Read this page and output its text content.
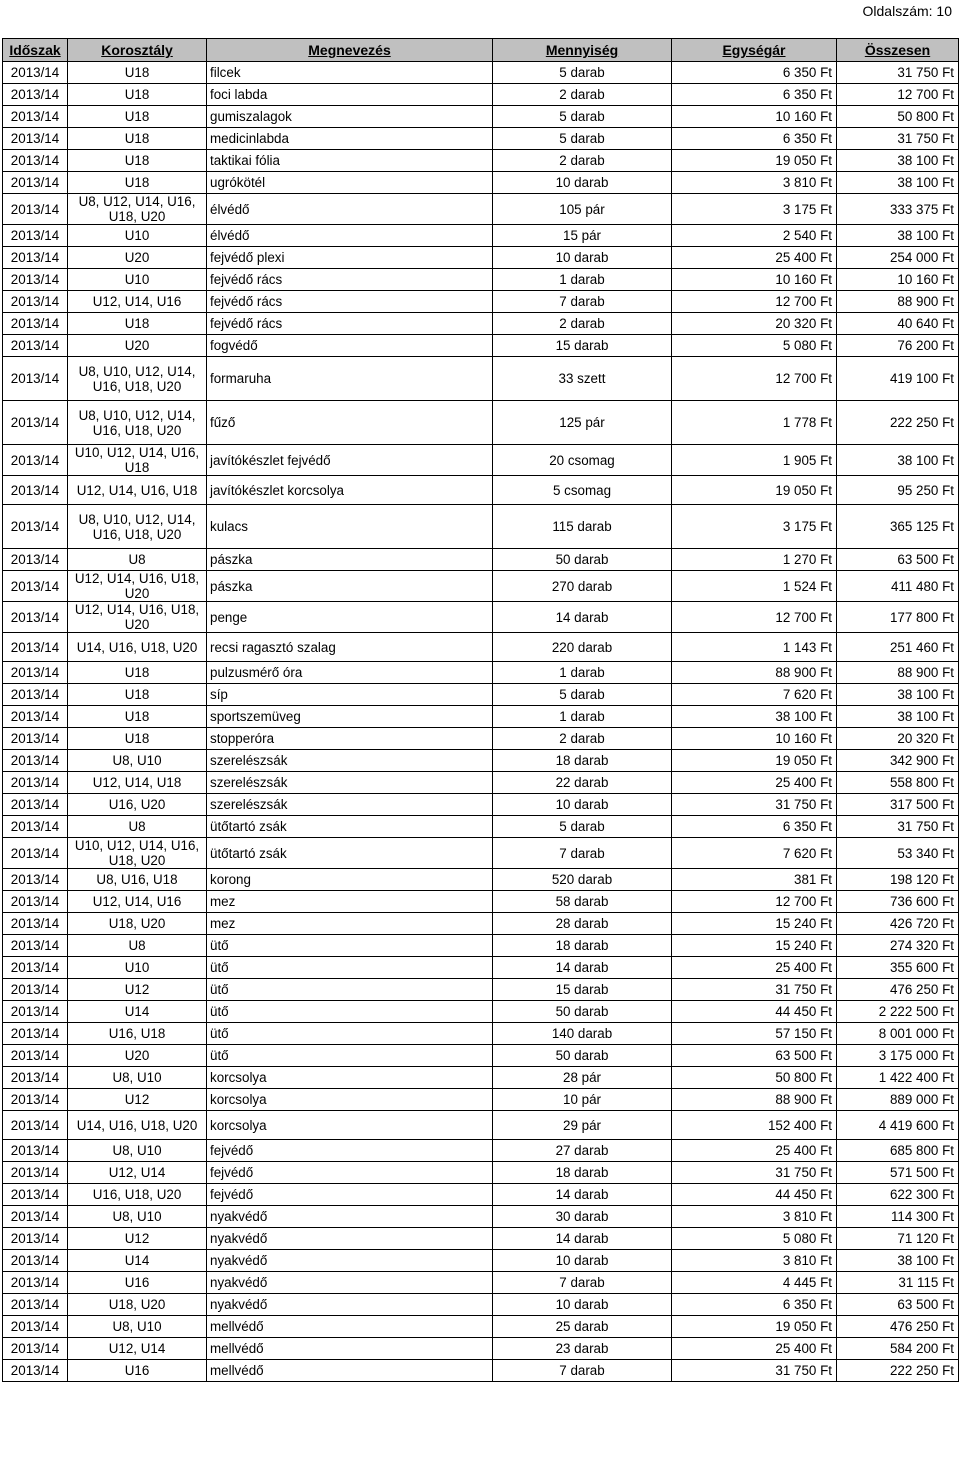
Oldalszám: 10
Időszak	Korosztály	Megnevezés	Mennyiség	Egységár	Összesen
2013/14	U18	filcek	5 darab	6 350 Ft	31 750 Ft
2013/14	U18	foci labda	2 darab	6 350 Ft	12 700 Ft
2013/14	U18	gumiszalagok	5 darab	10 160 Ft	50 800 Ft
2013/14	U18	medicinlabda	5 darab	6 350 Ft	31 750 Ft
2013/14	U18	taktikai fólia	2 darab	19 050 Ft	38 100 Ft
2013/14	U18	ugrókötél	10 darab	3 810 Ft	38 100 Ft
2013/14	U8, U12, U14, U16, U18, U20	élvédő	105 pár	3 175 Ft	333 375 Ft
2013/14	U10	élvédő	15 pár	2 540 Ft	38 100 Ft
2013/14	U20	fejvédő plexi	10 darab	25 400 Ft	254 000 Ft
2013/14	U10	fejvédő rács	1 darab	10 160 Ft	10 160 Ft
2013/14	U12, U14, U16	fejvédő rács	7 darab	12 700 Ft	88 900 Ft
2013/14	U18	fejvédő rács	2 darab	20 320 Ft	40 640 Ft
2013/14	U20	fogvédő	15 darab	5 080 Ft	76 200 Ft
2013/14	U8, U10, U12, U14, U16, U18, U20	formaruha	33 szett	12 700 Ft	419 100 Ft
2013/14	U8, U10, U12, U14, U16, U18, U20	fűző	125 pár	1 778 Ft	222 250 Ft
2013/14	U10, U12, U14, U16, U18	javítókészlet fejvédő	20 csomag	1 905 Ft	38 100 Ft
2013/14	U12, U14, U16, U18	javítókészlet korcsolya	5 csomag	19 050 Ft	95 250 Ft
2013/14	U8, U10, U12, U14, U16, U18, U20	kulacs	115 darab	3 175 Ft	365 125 Ft
2013/14	U8	pászka	50 darab	1 270 Ft	63 500 Ft
2013/14	U12, U14, U16, U18, U20	pászka	270 darab	1 524 Ft	411 480 Ft
2013/14	U12, U14, U16, U18, U20	penge	14 darab	12 700 Ft	177 800 Ft
2013/14	U14, U16, U18, U20	recsi ragasztó szalag	220 darab	1 143 Ft	251 460 Ft
2013/14	U18	pulzusmérő óra	1 darab	88 900 Ft	88 900 Ft
2013/14	U18	síp	5 darab	7 620 Ft	38 100 Ft
2013/14	U18	sportszemüveg	1 darab	38 100 Ft	38 100 Ft
2013/14	U18	stopperóra	2 darab	10 160 Ft	20 320 Ft
2013/14	U8, U10	szerelészsák	18 darab	19 050 Ft	342 900 Ft
2013/14	U12, U14, U18	szerelészsák	22 darab	25 400 Ft	558 800 Ft
2013/14	U16, U20	szerelészsák	10 darab	31 750 Ft	317 500 Ft
2013/14	U8	ütőtartó zsák	5 darab	6 350 Ft	31 750 Ft
2013/14	U10, U12, U14, U16, U18, U20	ütőtartó zsák	7 darab	7 620 Ft	53 340 Ft
2013/14	U8, U16, U18	korong	520 darab	381 Ft	198 120 Ft
2013/14	U12, U14, U16	mez	58 darab	12 700 Ft	736 600 Ft
2013/14	U18, U20	mez	28 darab	15 240 Ft	426 720 Ft
2013/14	U8	ütő	18 darab	15 240 Ft	274 320 Ft
2013/14	U10	ütő	14 darab	25 400 Ft	355 600 Ft
2013/14	U12	ütő	15 darab	31 750 Ft	476 250 Ft
2013/14	U14	ütő	50 darab	44 450 Ft	2 222 500 Ft
2013/14	U16, U18	ütő	140 darab	57 150 Ft	8 001 000 Ft
2013/14	U20	ütő	50 darab	63 500 Ft	3 175 000 Ft
2013/14	U8, U10	korcsolya	28 pár	50 800 Ft	1 422 400 Ft
2013/14	U12	korcsolya	10 pár	88 900 Ft	889 000 Ft
2013/14	U14, U16, U18, U20	korcsolya	29 pár	152 400 Ft	4 419 600 Ft
2013/14	U8, U10	fejvédő	27 darab	25 400 Ft	685 800 Ft
2013/14	U12, U14	fejvédő	18 darab	31 750 Ft	571 500 Ft
2013/14	U16, U18, U20	fejvédő	14 darab	44 450 Ft	622 300 Ft
2013/14	U8, U10	nyakvédő	30 darab	3 810 Ft	114 300 Ft
2013/14	U12	nyakvédő	14 darab	5 080 Ft	71 120 Ft
2013/14	U14	nyakvédő	10 darab	3 810 Ft	38 100 Ft
2013/14	U16	nyakvédő	7 darab	4 445 Ft	31 115 Ft
2013/14	U18, U20	nyakvédő	10 darab	6 350 Ft	63 500 Ft
2013/14	U8, U10	mellvédő	25 darab	19 050 Ft	476 250 Ft
2013/14	U12, U14	mellvédő	23 darab	25 400 Ft	584 200 Ft
2013/14	U16	mellvédő	7 darab	31 750 Ft	222 250 Ft
